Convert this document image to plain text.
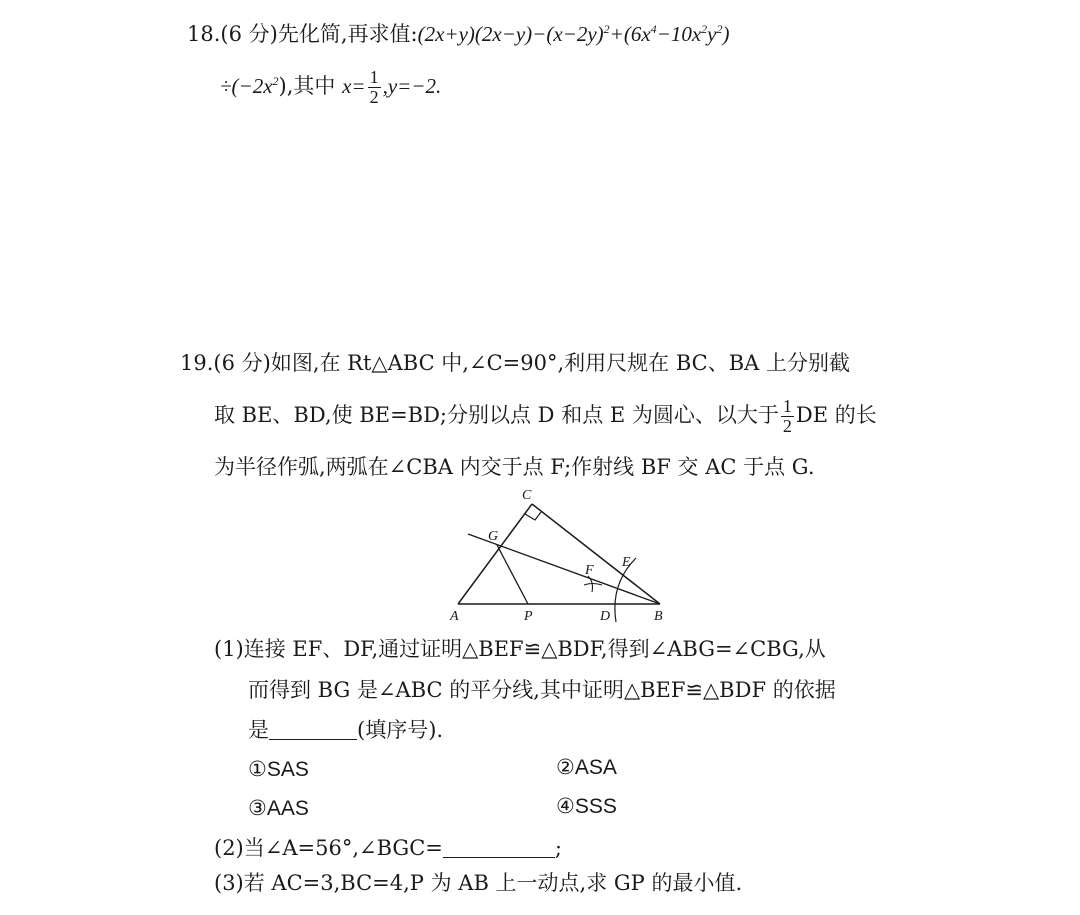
18.(6 分)先化简,再求值$:(2x+y)(2x-y)-(x-2y)^2+(6x^4-10x^2y^2)$
$\div(-2x^2)$,其中 $x= \frac{1}{2} ,y=-2$.
19.(6 分)如图,在 Rt△ABC 中,∠C=90°,利用尺规在 BC、BA 上分别截
取 BE、BD,使 BE=BD;分别以点 D 和点 E 为圆心、以大于 $\frac{1}{2}$ DE 的长
为半径作弧,两弧在∠CBA 内交于点 F;作射线 BF 交 AC 于点 G.
C
G
E
F
A	P	D	B
(1)连接 EF、DF,通过证明△BEF≌△BDF,得到∠ABG=∠CBG,从
而得到 BG 是∠ABC 的平分线,其中证明△BEF≌△BDF 的依据
是	(填序号).
①SAS	②ASA
③AAS	④SSS
(2)当∠A=56°,∠BGC=	;
(3)若 AC=3,BC=4,P 为 AB 上一动点,求 GP 的最小值.
